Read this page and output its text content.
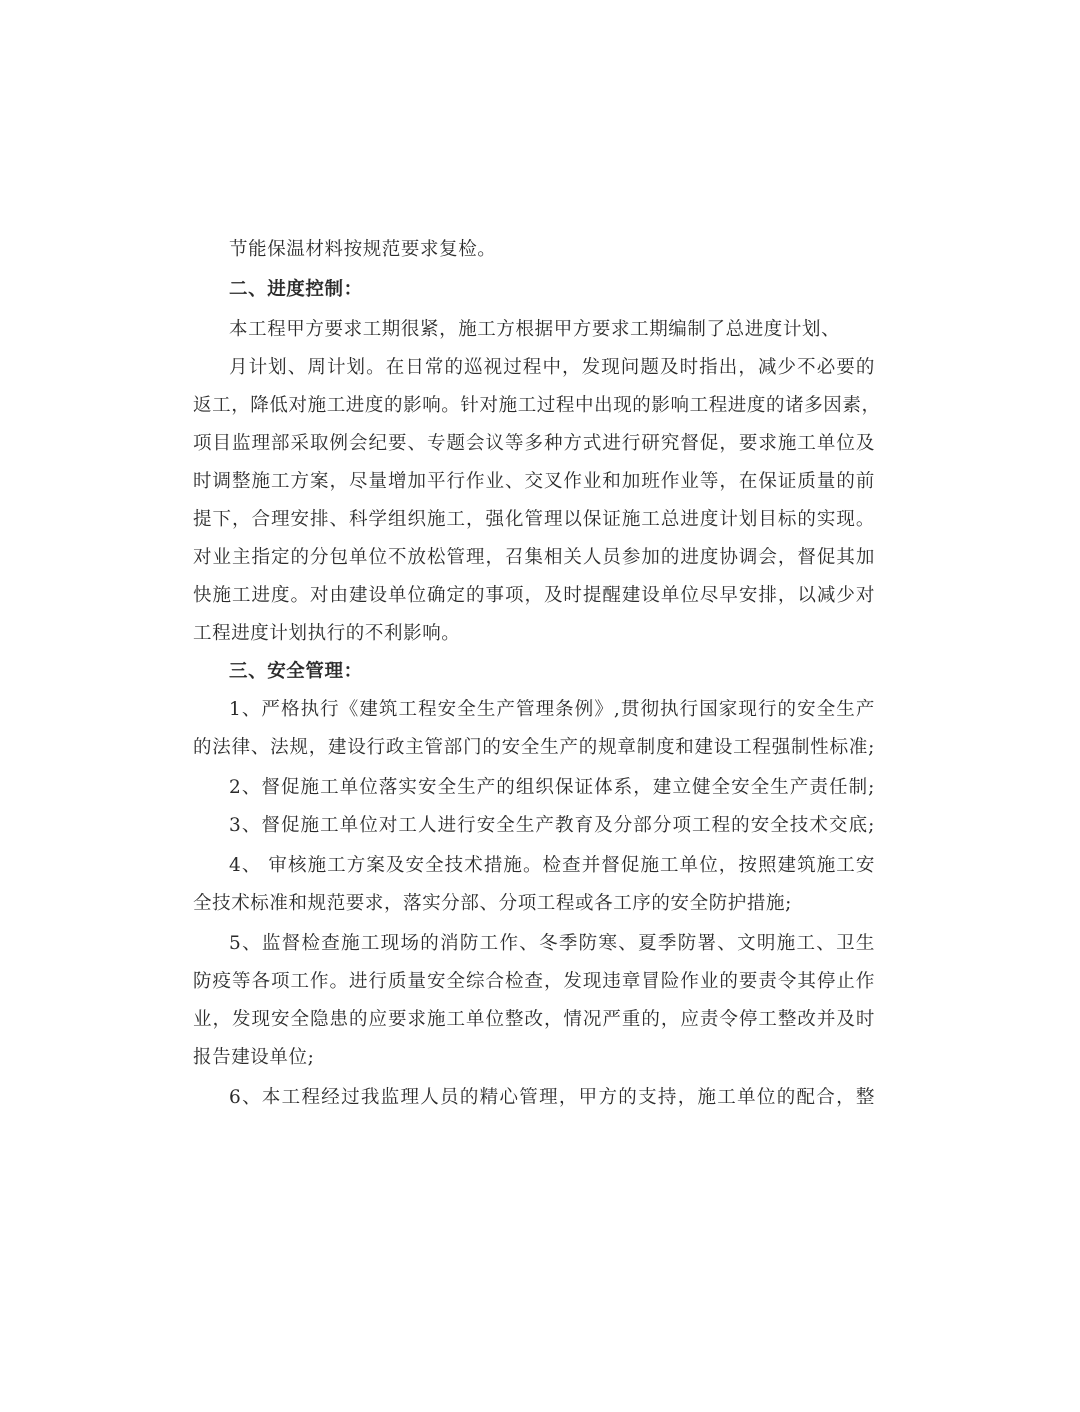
节能保温材料按规范要求复检。
二、进度控制：
本工程甲方要求工期很紧，施工方根据甲方要求工期编制了总进度计划、
月计划、周计划。在日常的巡视过程中，发现问题及时指出，减少不必要的
返工，降低对施工进度的影响。针对施工过程中出现的影响工程进度的诸多因素，
项目监理部采取例会纪要、专题会议等多种方式进行研究督促，要求施工单位及
时调整施工方案，尽量增加平行作业、交叉作业和加班作业等，在保证质量的前
提下，合理安排、科学组织施工，强化管理以保证施工总进度计划目标的实现。
对业主指定的分包单位不放松管理，召集相关人员参加的进度协调会，督促其加
快施工进度。对由建设单位确定的事项，及时提醒建设单位尽早安排，以减少对
工程进度计划执行的不利影响。
三、安全管理：
1、严格执行《建筑工程安全生产管理条例》,贯彻执行国家现行的安全生产
的法律、法规，建设行政主管部门的安全生产的规章制度和建设工程强制性标准;
2、督促施工单位落实安全生产的组织保证体系，建立健全安全生产责任制;
3、督促施工单位对工人进行安全生产教育及分部分项工程的安全技术交底;
4、 审核施工方案及安全技术措施。检查并督促施工单位，按照建筑施工安
全技术标准和规范要求，落实分部、分项工程或各工序的安全防护措施;
5、监督检查施工现场的消防工作、冬季防寒、夏季防署、文明施工、卫生
防疫等各项工作。进行质量安全综合检查，发现违章冒险作业的要责令其停止作
业，发现安全隐患的应要求施工单位整改，情况严重的，应责令停工整改并及时
报告建设单位;
6、本工程经过我监理人员的精心管理，甲方的支持，施工单位的配合，整
